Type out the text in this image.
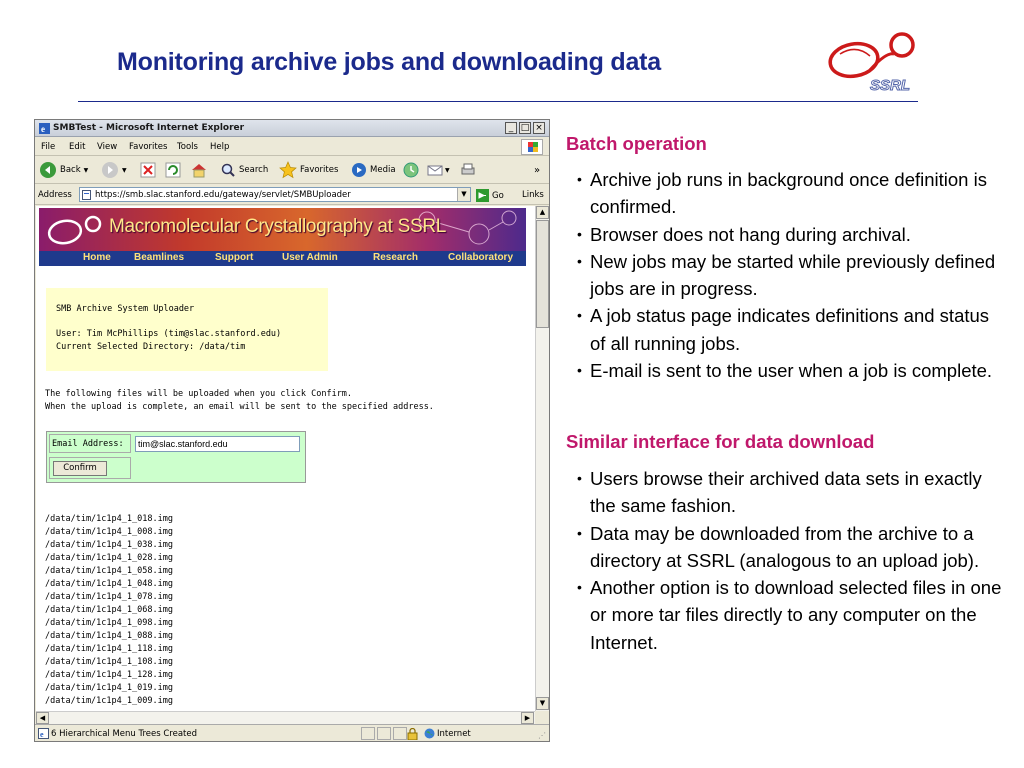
Monitoring archive jobs and downloading data
SSRL
e SMBTest - Microsoft Internet Explorer	_ □ ×
File Edit View Favorites Tools Help
Back ▼	▼	Search	Favorites	Media	▼	»
Address	https://smb.slac.stanford.edu/gateway/servlet/SMBUploader	▼	Go Links
Macromolecular Crystallography at SSRL
Home Beamlines	Support	User Admin	Research	Collaboratory
SMB Archive System Uploader
User: Tim McPhillips (tim@slac.stanford.edu)
Current Selected Directory: /data/tim
The following files will be uploaded when you click Confirm.
When the upload is complete, an email will be sent to the specified address.
Email Address:	tim@slac.stanford.edu
Confirm
/data/tim/1c1p4_1_018.img
/data/tim/1c1p4_1_008.img
/data/tim/1c1p4_1_038.img
/data/tim/1c1p4_1_028.img
/data/tim/1c1p4_1_058.img
/data/tim/1c1p4_1_048.img
/data/tim/1c1p4_1_078.img
/data/tim/1c1p4_1_068.img
/data/tim/1c1p4_1_098.img
/data/tim/1c1p4_1_088.img
/data/tim/1c1p4_1_118.img
/data/tim/1c1p4_1_108.img
/data/tim/1c1p4_1_128.img
/data/tim/1c1p4_1_019.img
/data/tim/1c1p4_1_009.img
▲
▼
◀	▶
e 6 Hierarchical Menu Trees Created	Internet	⋰
Batch operation
• Archive job runs in background once definition is confirmed.
• Browser does not hang during archival.
• New jobs may be started while previously defined jobs are in progress.
• A job status page indicates definitions and status of all running jobs.
• E-mail is sent to the user when a job is complete.
Similar interface for data download
• Users browse their archived data sets in exactly the same fashion.
• Data may be downloaded from the archive to a directory at SSRL (analogous to an upload job).
• Another option is to download selected files in one or more tar files directly to any computer on the Internet.
